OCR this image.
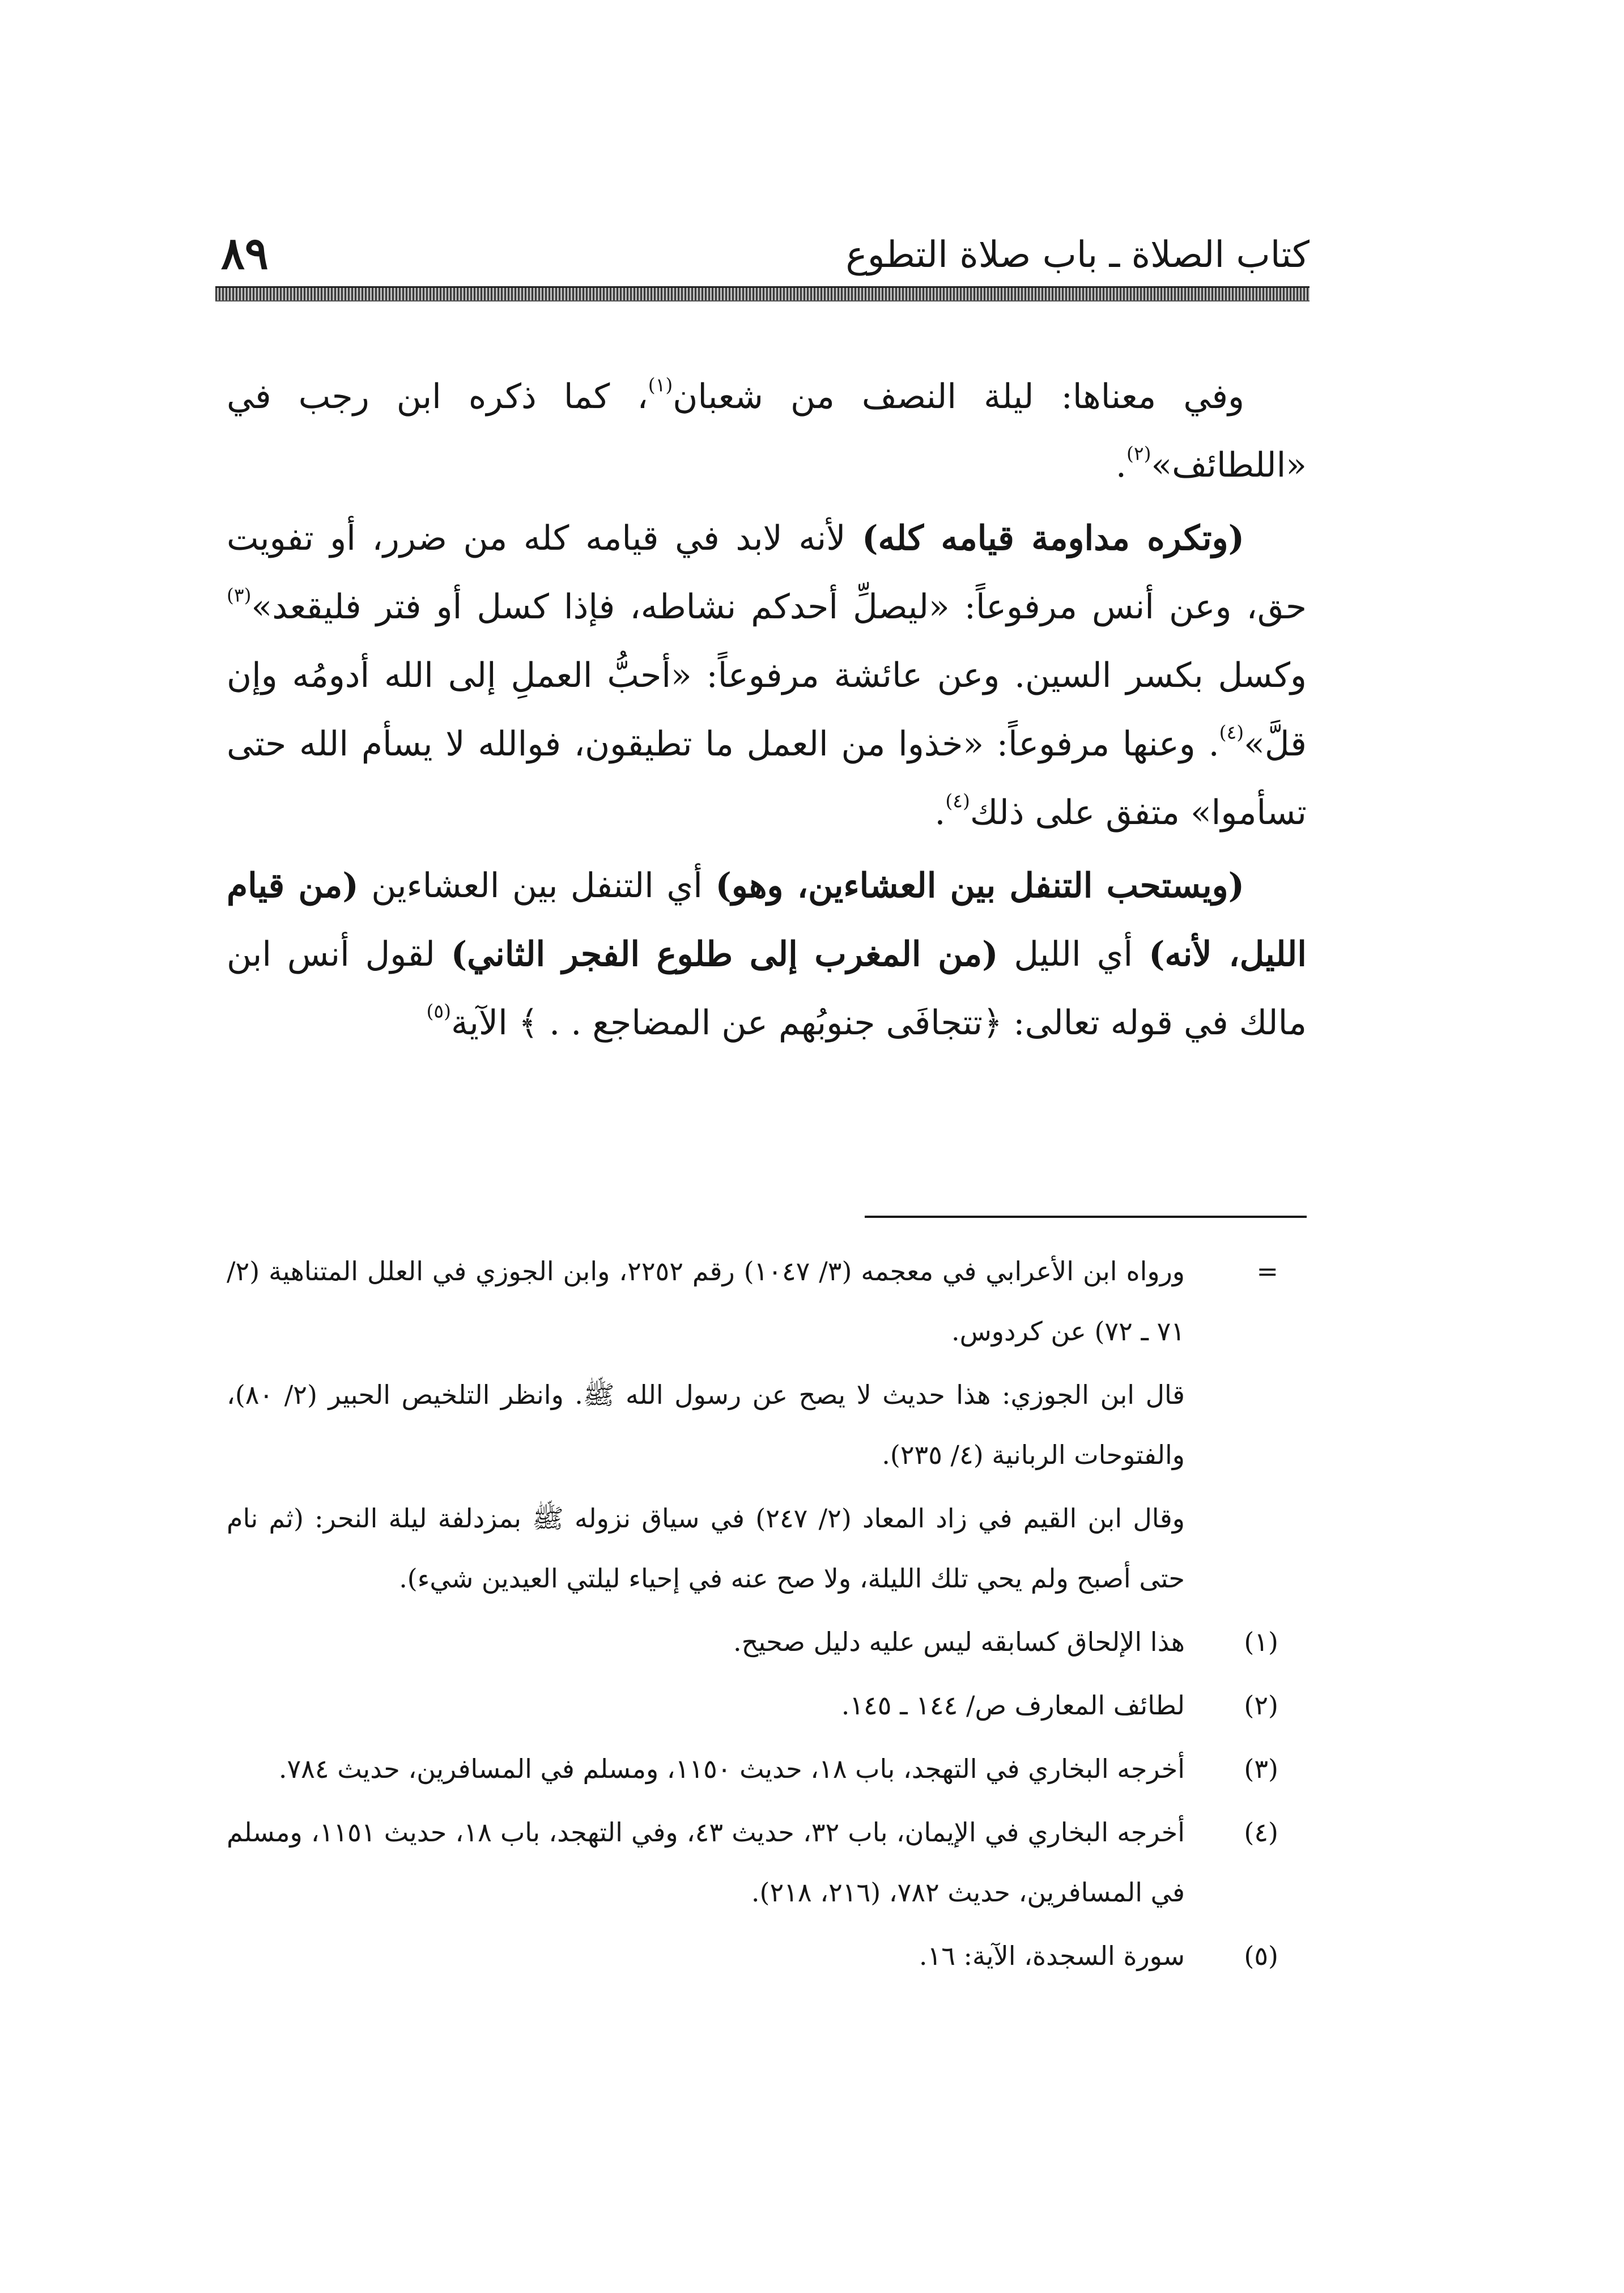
كتاب الصلاة ـ باب صلاة التطوع
٨٩

وفي معناها: ليلة النصف من شعبان$^{(١)}$، كما ذكره ابن رجب في «اللطائف»$^{(٢)}$.

(وتكره مداومة قيامه كله) لأنه لابد في قيامه كله من ضرر، أو تفويت حق، وعن أنس مرفوعاً: «ليصلِّ أحدكم نشاطه، فإذا كسل أو فتر فليقعد»$^{(٣)}$ وكسل بكسر السين. وعن عائشة مرفوعاً: «أحبُّ العملِ إلى الله أدومُه وإن قلَّ»$^{(٤)}$. وعنها مرفوعاً: «خذوا من العمل ما تطيقون، فوالله لا يسأم الله حتى تسأموا» متفق على ذلك$^{(٤)}$.

(ويستحب التنفل بين العشاءين، وهو) أي التنفل بين العشاءين (من قيام الليل، لأنه) أي الليل (من المغرب إلى طلوع الفجر الثاني) لقول أنس ابن مالك في قوله تعالى: ﴿تتجافَى جنوبُهم عن المضاجع . . ﴾ الآية$^{(٥)}$

=
ورواه ابن الأعرابي في معجمه (٣/ ١٠٤٧) رقم ٢٢٥٢، وابن الجوزي في العلل المتناهية (٢/ ٧١ ـ ٧٢) عن كردوس.
قال ابن الجوزي: هذا حديث لا يصح عن رسول الله ﷺ. وانظر التلخيص الحبير (٢/ ٨٠)، والفتوحات الربانية (٤/ ٢٣٥).
وقال ابن القيم في زاد المعاد (٢/ ٢٤٧) في سياق نزوله ﷺ بمزدلفة ليلة النحر: (ثم نام حتى أصبح ولم يحي تلك الليلة، ولا صح عنه في إحياء ليلتي العيدين شيء).
(١)
هذا الإلحاق كسابقه ليس عليه دليل صحيح.
(٢)
لطائف المعارف ص/ ١٤٤ ـ ١٤٥.
(٣)
أخرجه البخاري في التهجد، باب ١٨، حديث ١١٥٠، ومسلم في المسافرين، حديث ٧٨٤.
(٤)
أخرجه البخاري في الإيمان، باب ٣٢، حديث ٤٣، وفي التهجد، باب ١٨، حديث ١١٥١، ومسلم في المسافرين، حديث ٧٨٢، (٢١٦، ٢١٨).
(٥)
سورة السجدة، الآية: ١٦.
